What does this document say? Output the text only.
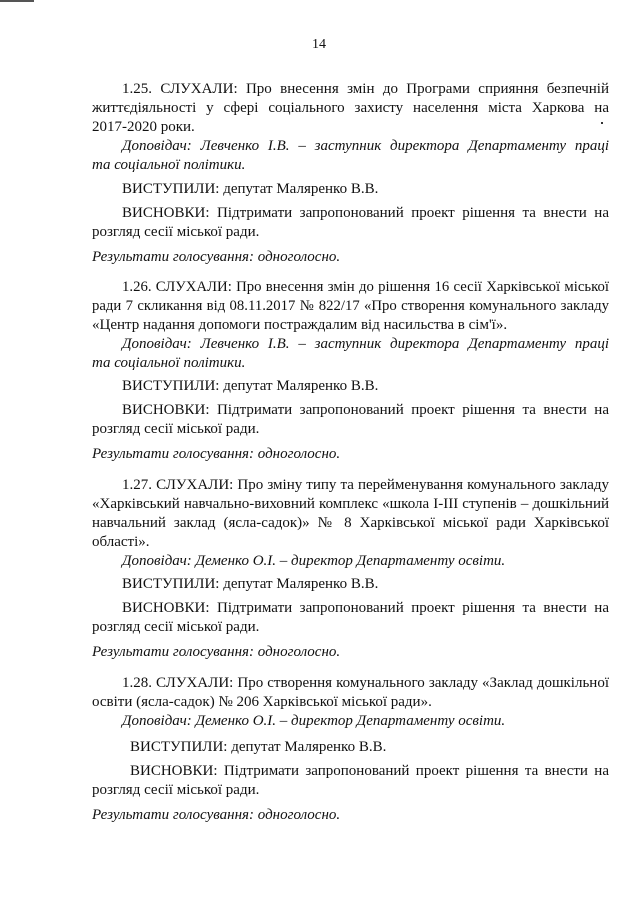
14
1.25. СЛУХАЛИ: Про внесення змін до Програми сприяння безпечній
життєдіяльності у сфері соціального захисту населення міста Харкова на
2017-2020 роки.
Доповідач: Левченко І.В. – заступник директора Департаменту праці
та соціальної політики.
ВИСТУПИЛИ: депутат Маляренко В.В.
ВИСНОВКИ: Підтримати запропонований проект рішення та внести на
розгляд сесії міської ради.
Результати голосування: одноголосно.
1.26. СЛУХАЛИ: Про внесення змін до рішення 16 сесії Харківської міської
ради 7 скликання від 08.11.2017 № 822/17 «Про створення комунального закладу
«Центр надання допомоги постраждалим від насильства в сім'ї».
Доповідач: Левченко І.В. – заступник директора Департаменту праці
та соціальної політики.
ВИСТУПИЛИ: депутат Маляренко В.В.
ВИСНОВКИ: Підтримати запропонований проект рішення та внести на
розгляд сесії міської ради.
Результати голосування: одноголосно.
1.27. СЛУХАЛИ: Про зміну типу та перейменування комунального закладу
«Харківський навчально-виховний комплекс «школа І-ІІІ ступенів – дошкільний
навчальний заклад (ясла-садок)» № 8 Харківської міської ради Харківської
області».
Доповідач: Деменко О.І. – директор Департаменту освіти.
ВИСТУПИЛИ: депутат Маляренко В.В.
ВИСНОВКИ: Підтримати запропонований проект рішення та внести на
розгляд сесії міської ради.
Результати голосування: одноголосно.
1.28. СЛУХАЛИ: Про створення комунального закладу «Заклад дошкільної
освіти (ясла-садок) № 206 Харківської міської ради».
Доповідач: Деменко О.І. – директор Департаменту освіти.
ВИСТУПИЛИ: депутат Маляренко В.В.
ВИСНОВКИ: Підтримати запропонований проект рішення та внести на
розгляд сесії міської ради.
Результати голосування: одноголосно.
